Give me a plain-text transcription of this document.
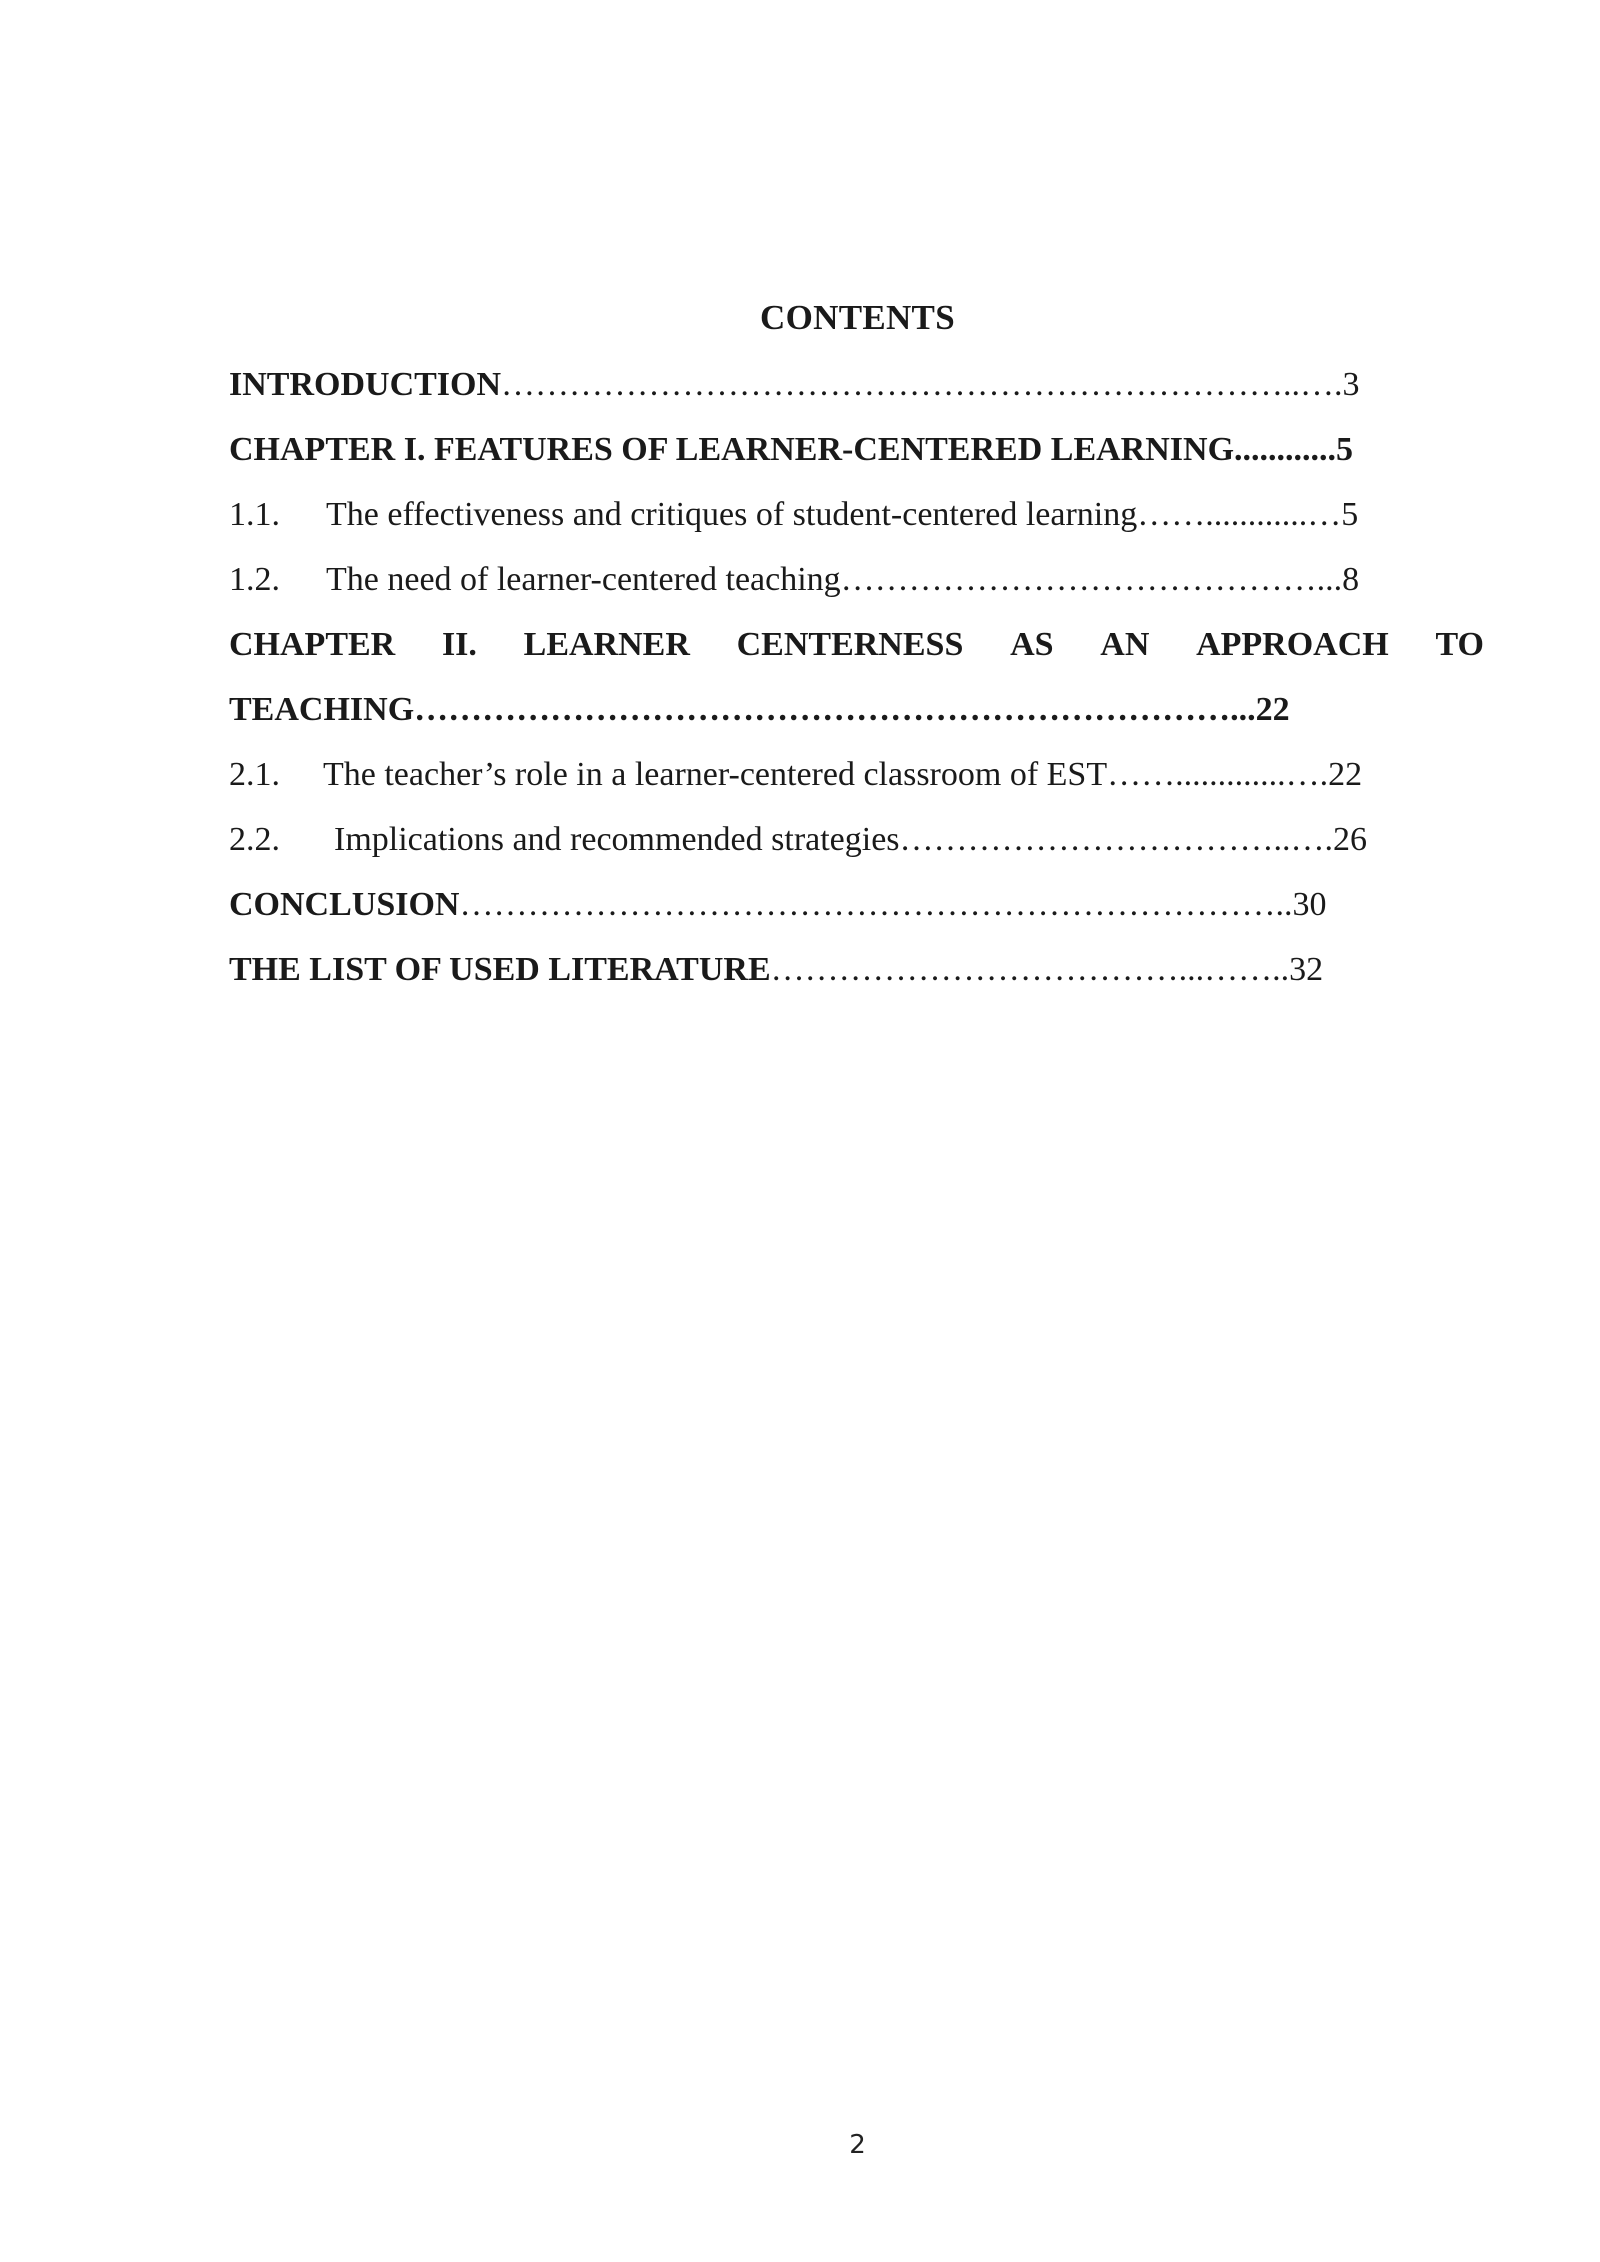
CONTENTS
INTRODUCTION……………………………………………………………..….3
CHAPTER I. FEATURES OF LEARNER-CENTERED LEARNING............5
1.1. The effectiveness and critiques of student-centered learning……............…5
1.2. The need of learner-centered teaching……………………………………...8
CHAPTER II. LEARNER CENTERNESS AS AN APPROACH TO
TEACHING………………………………………………………………...22
2.1. The teacher’s role in a learner-centered classroom of EST…….............….22
2.2. Implications and recommended strategies……………………………..….26
CONCLUSION………………………………………………………………..30
THE LIST OF USED LITERATURE………………………………...……..32
2
